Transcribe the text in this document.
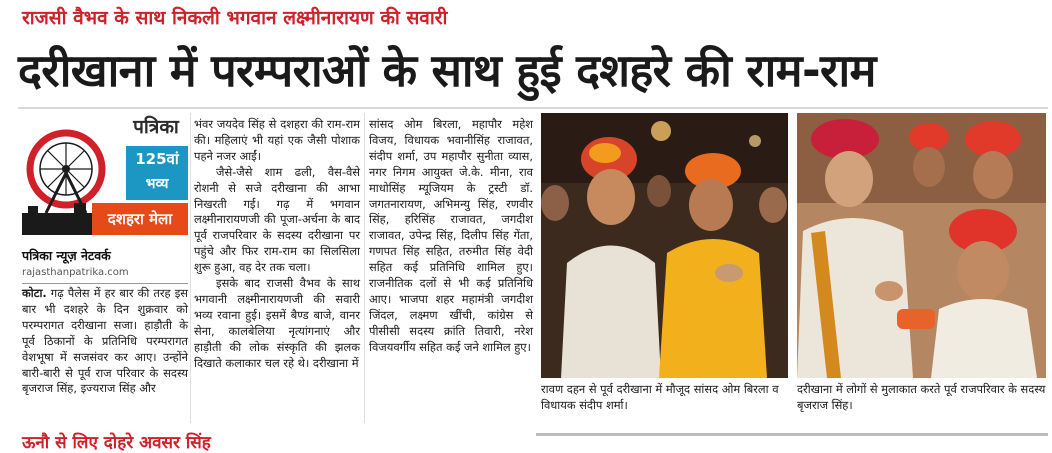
राजसी वैभव के साथ निकली भगवान लक्ष्मीनारायण की सवारी
दरीखाना में परम्पराओं के साथ हुई दशहरे की राम-राम
पत्रिका
125वां
भव्य
दशहरा मेला
पत्रिका न्यूज़ नेटवर्क
rajasthanpatrika.com

कोटा. गढ़ पैलेस में हर बार की तरह इस बार भी दशहरे के दिन शुक्रवार को परम्परागत दरीखाना सजा। हाड़ौती के पूर्व ठिकानों के प्रतिनिधि परम्परागत वेशभूषा में सजसंवर कर आए। उन्होंने बारी-बारी से पूर्व राज परिवार के सदस्य बृजराज सिंह, इज्यराज सिंह और

भंवर जयदेव सिंह से दशहरा की राम-राम की। महिलाएं भी यहां एक जैसी पोशाक पहने नजर आईं।

जैसे-जैसे शाम ढली, वैस-वैसे रोशनी से सजे दरीखाना की आभा निखरती गई। गढ़ में भगवान लक्ष्मीनारायणजी की पूजा-अर्चना के बाद पूर्व राजपरिवार के सदस्य दरीखाना पर पहुंचे और फिर राम-राम का सिलसिला शुरू हुआ, वह देर तक चला।

इसके बाद राजसी वैभव के साथ भगवानी लक्ष्मीनारायणजी की सवारी भव्य रवाना हुई। इसमें बैण्ड बाजे, वानर सेना, कालबेलिया नृत्यांगनाएं और हाड़ौती की लोक संस्कृति की झलक दिखाते कलाकार चल रहे थे। दरीखाना में

सांसद ओम बिरला, महापौर महेश विजय, विधायक भवानीसिंह राजावत, संदीप शर्मा, उप महापौर सुनीता व्यास, नगर निगम आयुक्त जे.के. मीना, राव माधोसिंह म्यूजियम के ट्रस्टी डॉ. जगतनारायण, अभिमन्यु सिंह, रणवीर सिंह, हरिसिंह राजावत, जगदीश राजावत, उपेन्द्र सिंह, दिलीप सिंह गेंता, गणपत सिंह सहित, तरुमीत सिंह वेदी सहित कई प्रतिनिधि शामिल हुए। राजनीतिक दलों से भी कई प्रतिनिधि आए। भाजपा शहर महामंत्री जगदीश जिंदल, लक्ष्मण खींची, कांग्रेस से पीसीसी सदस्य क्रांति तिवारी, नरेश विजयवर्गीय सहित कई जने शामिल हुए।

रावण दहन से पूर्व दरीखाना में मौजूद सांसद ओम बिरला व विधायक संदीप शर्मा।
दरीखाना में लोगों से मुलाकात करते पूर्व राजपरिवार के सदस्य बृजराज सिंह।
ऊनौ से लिए दोहरे अवसर सिंह
